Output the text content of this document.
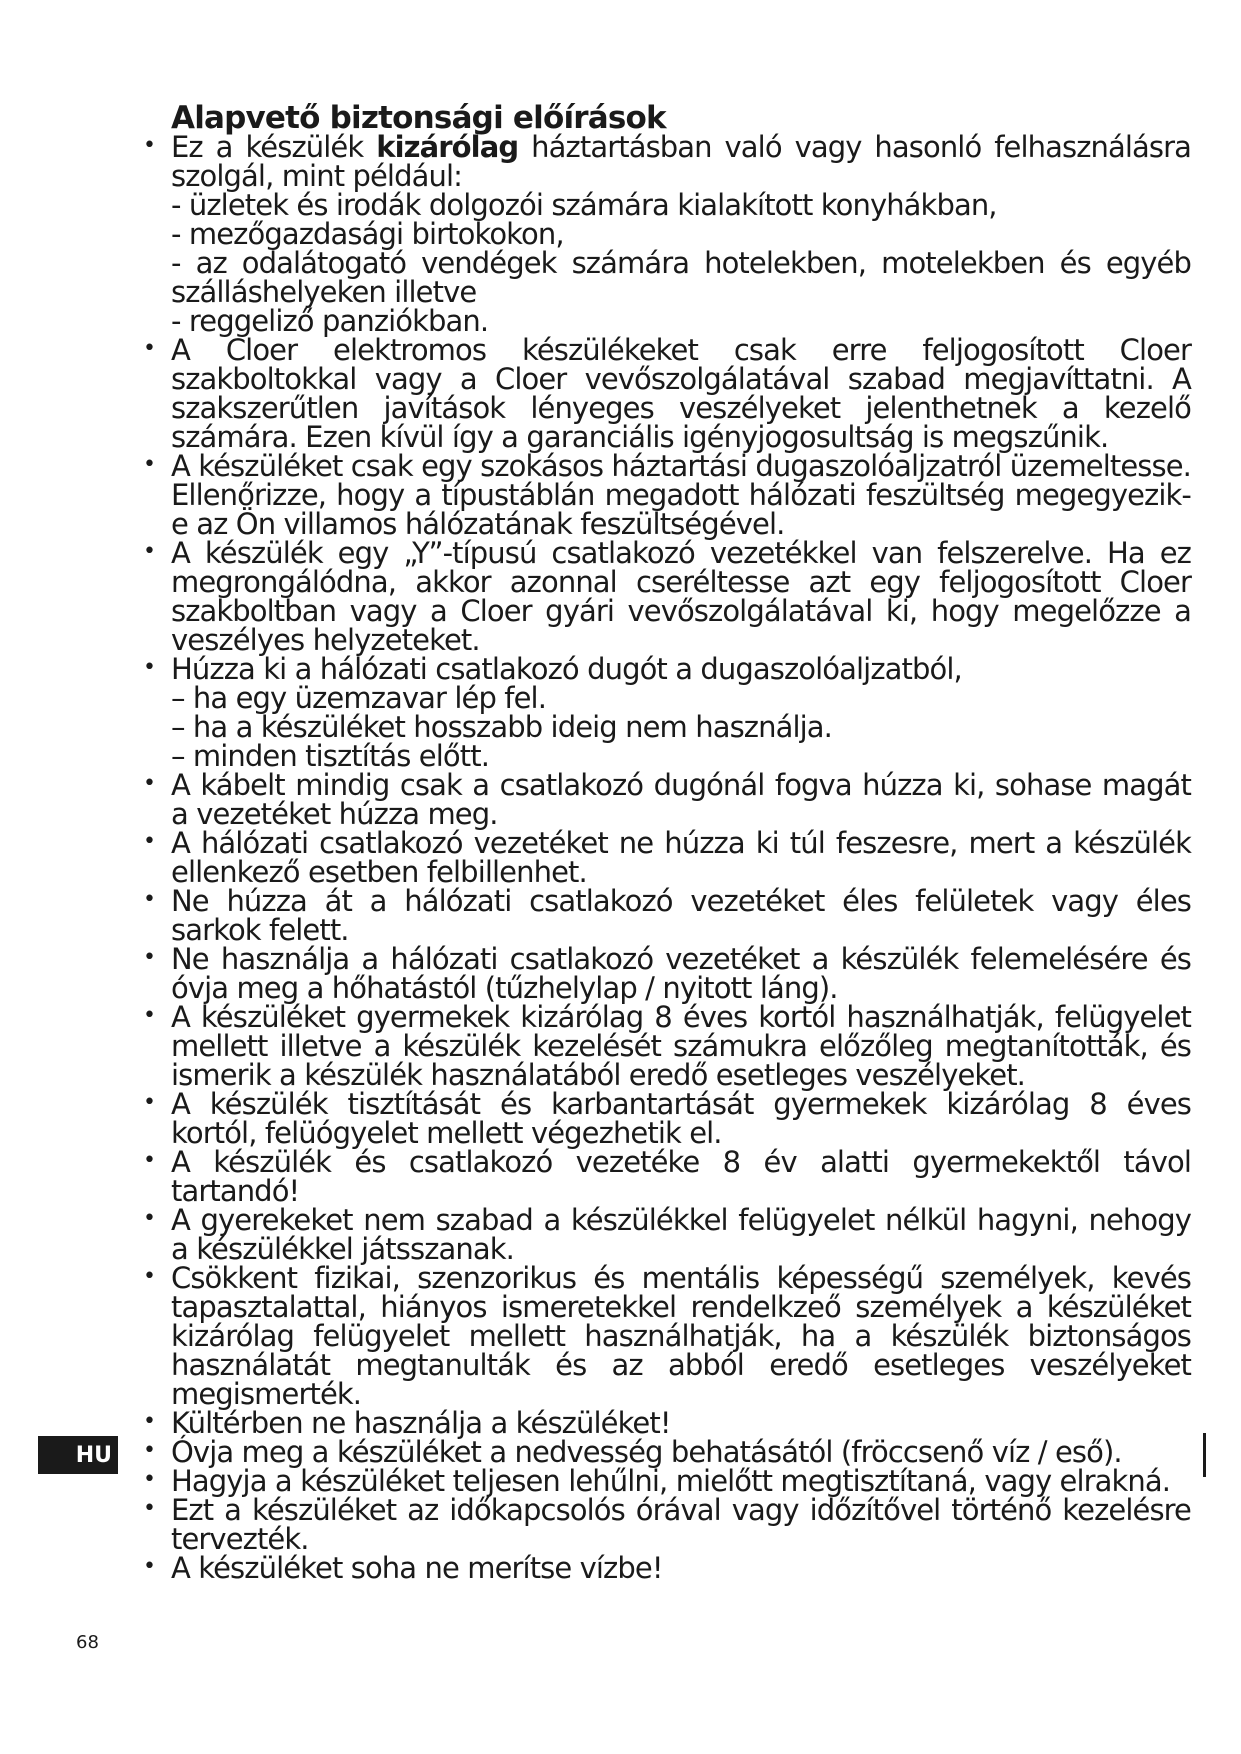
Alapvető biztonsági előírások
• Ez a készülék kizárólag háztartásban való vagy hasonló felhasználásra szolgál, mint például:
- üzletek és irodák dolgozói számára kialakított konyhákban,
- mezőgazdasági birtokokon,
- az odalátogató vendégek számára hotelekben, motelekben és egyéb szálláshelyeken illetve
- reggeliző panziókban.
• A Cloer elektromos készülékeket csak erre feljogosított Cloer szakboltokkal vagy a Cloer vevőszolgálatával szabad megjavíttatni. A szakszerűtlen javítások lényeges veszélyeket jelenthetnek a kezelő számára. Ezen kívül így a garanciális igényjogosultság is megszűnik.
• A készüléket csak egy szokásos háztartási dugaszolóaljzatról üzemeltesse. Ellenőrizze, hogy a típustáblán megadott hálózati feszültség megegyezik-e az Ön villamos hálózatának feszültségével.
• A készülék egy „Y”-típusú csatlakozó vezetékkel van felszerelve. Ha ez megrongálódna, akkor azonnal cseréltesse azt egy feljogosított Cloer szakboltban vagy a Cloer gyári vevőszolgálatával ki, hogy megelőzze a veszélyes helyzeteket.
• Húzza ki a hálózati csatlakozó dugót a dugaszolóaljzatból,
– ha egy üzemzavar lép fel.
– ha a készüléket hosszabb ideig nem használja.
– minden tisztítás előtt.
• A kábelt mindig csak a csatlakozó dugónál fogva húzza ki, sohase magát a vezetéket húzza meg.
• A hálózati csatlakozó vezetéket ne húzza ki túl feszesre, mert a készülék ellenkező esetben felbillenhet.
• Ne húzza át a hálózati csatlakozó vezetéket éles felületek vagy éles sarkok felett.
• Ne használja a hálózati csatlakozó vezetéket a készülék felemelésére és óvja meg a hőhatástól (tűzhelylap / nyitott láng).
• A készüléket gyermekek kizárólag 8 éves kortól használhatják, felügyelet mellett illetve a készülék kezelését számukra előzőleg megtanították, és ismerik a készülék használatából eredő esetleges veszélyeket.
• A készülék tisztítását és karbantartását gyermekek kizárólag 8 éves kortól, felüógyelet mellett végezhetik el.
• A készülék és csatlakozó vezetéke 8 év alatti gyermekektől távol tartandó!
• A gyerekeket nem szabad a készülékkel felügyelet nélkül hagyni, nehogy a készülékkel játsszanak.
• Csökkent fizikai, szenzorikus és mentális képességű személyek, kevés tapasztalattal, hiányos ismeretekkel rendelkzeő személyek a készüléket kizárólag felügyelet mellett használhatják, ha a készülék biztonságos használatát megtanulták és az abból eredő esetleges veszélyeket megismerték.
• Kültérben ne használja a készüléket!
• Óvja meg a készüléket a nedvesség behatásától (fröccsenő víz / eső).
• Hagyja a készüléket teljesen lehűlni, mielőtt megtisztítaná, vagy elrakná.
• Ezt a készüléket az időkapcsolós órával vagy időzítővel történő kezelésre tervezték.
• A készüléket soha ne merítse vízbe!
HU
68
